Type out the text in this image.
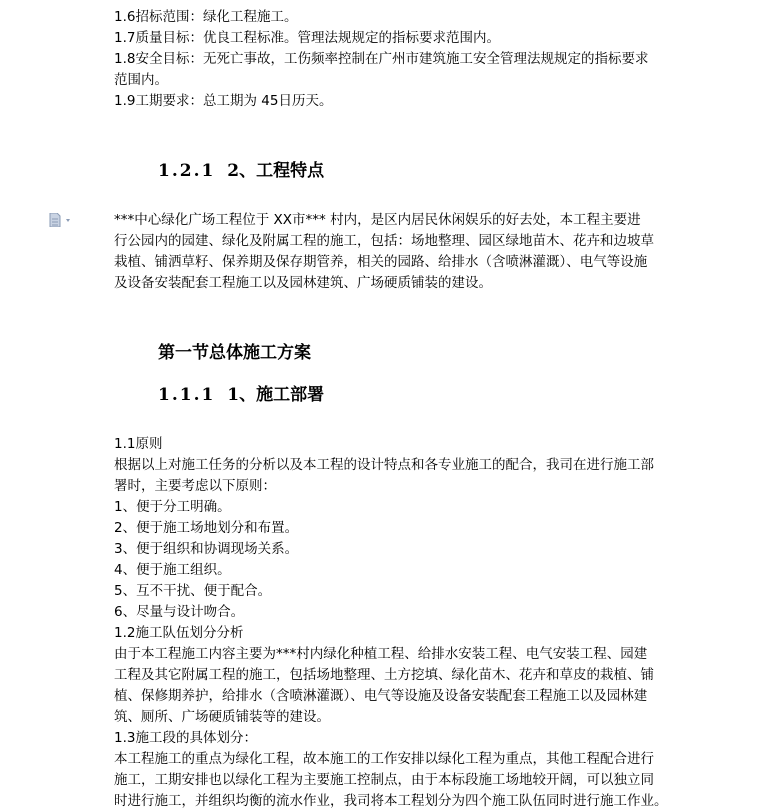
1.6招标范围：绿化工程施工。
1.7质量目标：优良工程标准。管理法规规定的指标要求范围内。
1.8安全目标：无死亡事故，工伤频率控制在广州市建筑施工安全管理法规规定的指标要求
范围内。
1.9工期要求：总工期为 45日历天。
1.2.1 2、工程特点
***中心绿化广场工程位于 XX市*** 村内，是区内居民休闲娱乐的好去处，本工程主要进
行公园内的园建、绿化及附属工程的施工，包括：场地整理、园区绿地苗木、花卉和边坡草
栽植、铺洒草籽、保养期及保存期管养，相关的园路、给排水（含喷淋灌溉）、电气等设施
及设备安装配套工程施工以及园林建筑、广场硬质铺装的建设。
第一节总体施工方案
1.1.1 1、施工部署
1.1原则
根据以上对施工任务的分析以及本工程的设计特点和各专业施工的配合，我司在进行施工部
署时，主要考虑以下原则：
1、便于分工明确。
2、便于施工场地划分和布置。
3、便于组织和协调现场关系。
4、便于施工组织。
5、互不干扰、便于配合。
6、尽量与设计吻合。
1.2施工队伍划分分析
由于本工程施工内容主要为***村内绿化种植工程、给排水安装工程、电气安装工程、园建
工程及其它附属工程的施工，包括场地整理、土方挖填、绿化苗木、花卉和草皮的栽植、铺
植、保修期养护，给排水（含喷淋灌溉）、电气等设施及设备安装配套工程施工以及园林建
筑、厕所、广场硬质铺装等的建设。
1.3施工段的具体划分：
本工程施工的重点为绿化工程，故本施工的工作安排以绿化工程为重点，其他工程配合进行
施工，工期安排也以绿化工程为主要施工控制点，由于本标段施工场地较开阔，可以独立同
时进行施工，并组织均衡的流水作业，我司将本工程划分为四个施工队伍同时进行施工作业。
